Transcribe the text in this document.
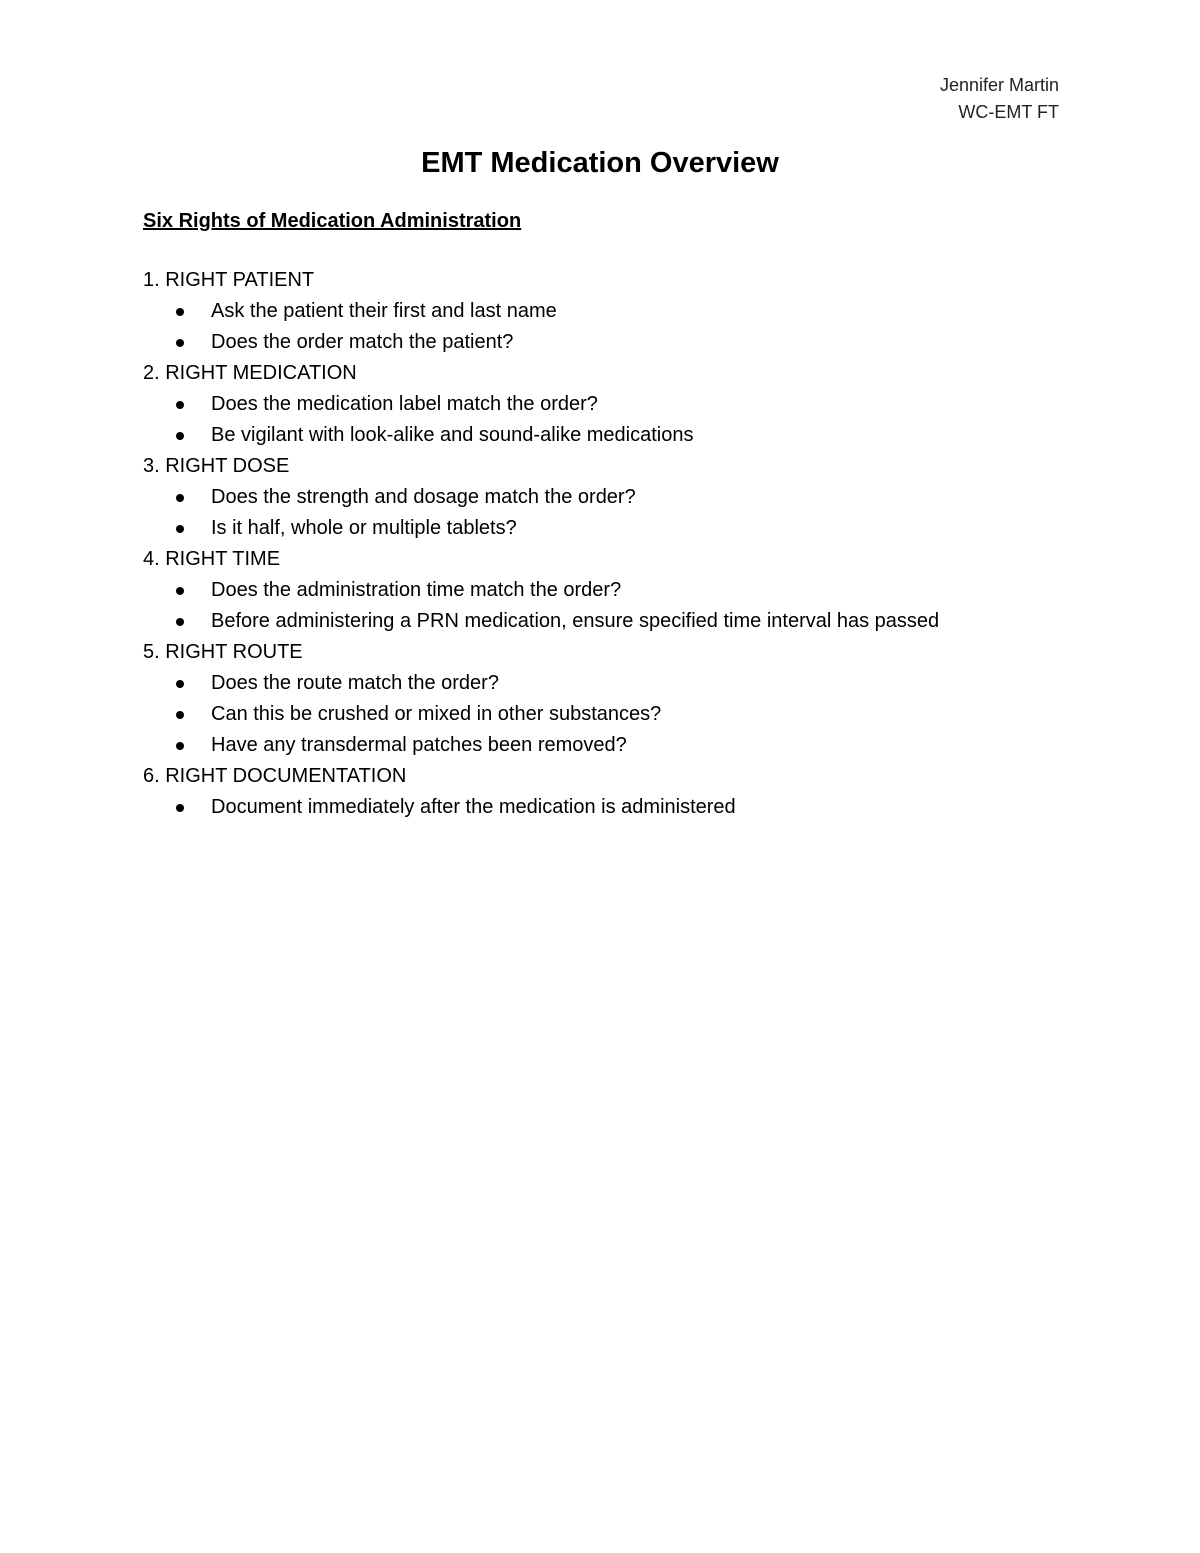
Jennifer Martin
WC-EMT FT
EMT Medication Overview
Six Rights of Medication Administration
1. RIGHT PATIENT
Ask the patient their first and last name
Does the order match the patient?
2. RIGHT MEDICATION
Does the medication label match the order?
Be vigilant with look-alike and sound-alike medications
3. RIGHT DOSE
Does the strength and dosage match the order?
Is it half, whole or multiple tablets?
4. RIGHT TIME
Does the administration time match the order?
Before administering a PRN medication, ensure specified time interval has passed
5. RIGHT ROUTE
Does the route match the order?
Can this be crushed or mixed in other substances?
Have any transdermal patches been removed?
6. RIGHT DOCUMENTATION
Document immediately after the medication is administered
